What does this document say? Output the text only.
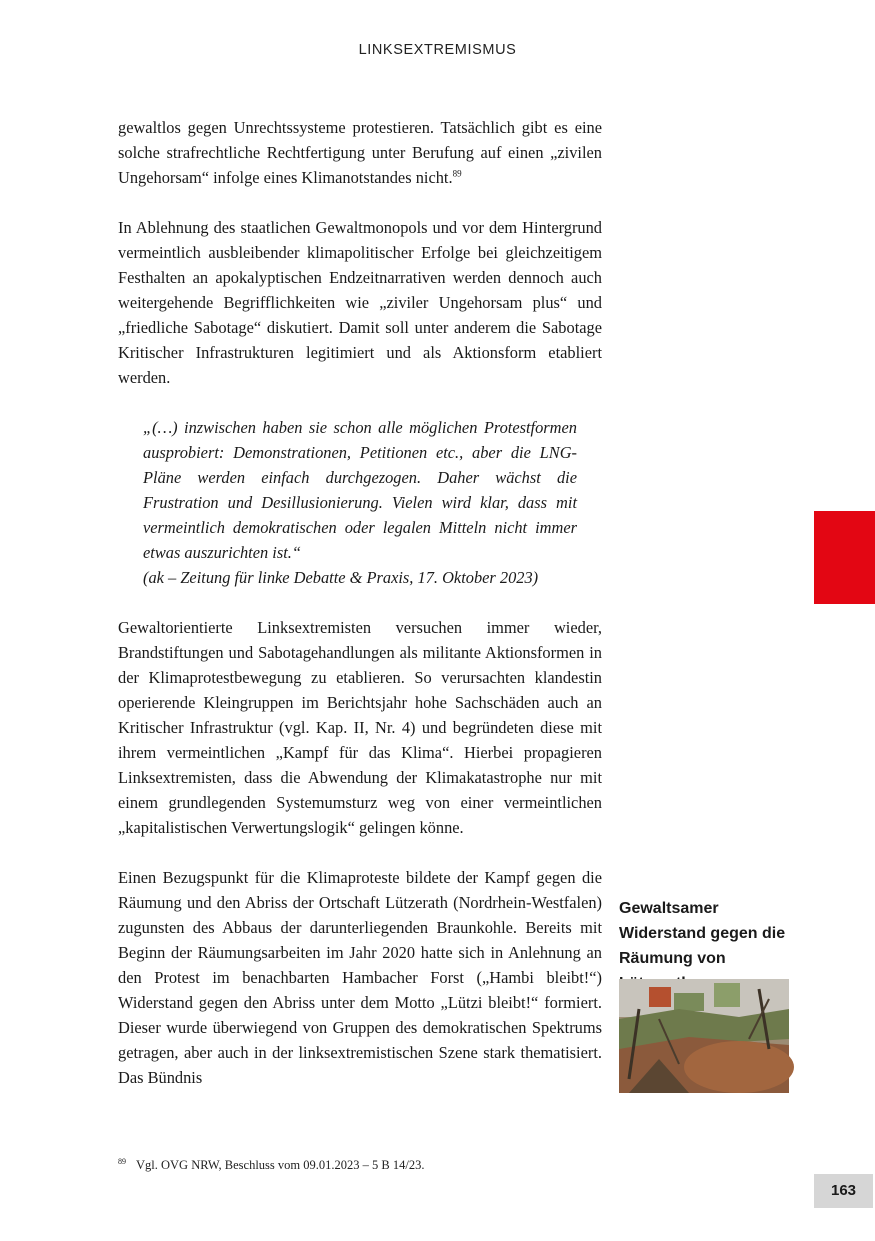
LINKSEXTREMISMUS

gewaltlos gegen Unrechtssysteme protestieren. Tatsächlich gibt es eine solche strafrechtliche Rechtfertigung unter Berufung auf einen „zivilen Ungehorsam“ infolge eines Klimanotstandes nicht.$^{89}$

In Ablehnung des staatlichen Gewaltmonopols und vor dem Hintergrund vermeintlich ausbleibender klimapolitischer Erfolge bei gleichzeitigem Festhalten an apokalyptischen Endzeitnarrativen werden dennoch auch weitergehende Begrifflichkeiten wie „ziviler Ungehorsam plus“ und „friedliche Sabotage“ diskutiert. Damit soll unter anderem die Sabotage Kritischer Infrastrukturen legitimiert und als Aktionsform etabliert werden.

„(…) inzwischen haben sie schon alle möglichen Protestformen ausprobiert: Demonstrationen, Petitionen etc., aber die LNG-Pläne werden einfach durchgezogen. Daher wächst die Frustration und Desillusionierung. Vielen wird klar, dass mit vermeintlich demokratischen oder legalen Mitteln nicht immer etwas auszurichten ist.“

(ak – Zeitung für linke Debatte & Praxis, 17. Oktober 2023)

Gewaltorientierte Linksextremisten versuchen immer wieder, Brandstiftungen und Sabotagehandlungen als militante Aktionsformen in der Klimaprotestbewegung zu etablieren. So verursachten klandestin operierende Kleingruppen im Berichtsjahr hohe Sachschäden auch an Kritischer Infrastruktur (vgl. Kap. II, Nr. 4) und begründeten diese mit ihrem vermeintlichen „Kampf für das Klima“. Hierbei propagieren Linksextremisten, dass die Abwendung der Klimakatastrophe nur mit einem grundlegenden Systemumsturz weg von einer vermeintlichen „kapitalistischen Verwertungslogik“ gelingen könne.

Einen Bezugspunkt für die Klimaproteste bildete der Kampf gegen die Räumung und den Abriss der Ortschaft Lützerath (Nordrhein-Westfalen) zugunsten des Abbaus der darunterliegenden Braunkohle. Bereits mit Beginn der Räumungsarbeiten im Jahr 2020 hatte sich in Anlehnung an den Protest im benachbarten Hambacher Forst („Hambi bleibt!“) Widerstand gegen den Abriss unter dem Motto „Lützi bleibt!“ formiert. Dieser wurde überwiegend von Gruppen des demokratischen Spektrums getragen, aber auch in der linksextremistischen Szene stark thematisiert. Das Bündnis

Gewaltsamer Widerstand gegen die Räumung von
$^{89}$ Vgl. OVG NRW, Beschluss vom 09.01.2023 – 5 B 14/23.
163
